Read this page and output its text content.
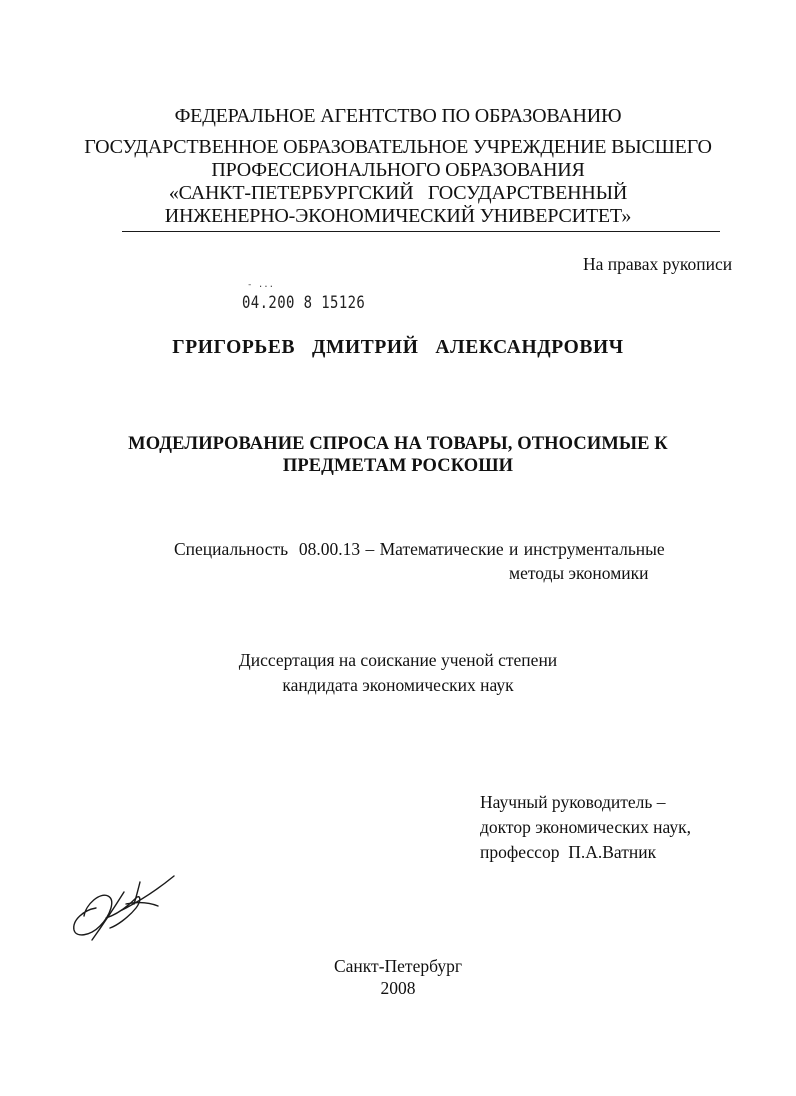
ФЕДЕРАЛЬНОЕ АГЕНТСТВО ПО ОБРАЗОВАНИЮ
ГОСУДАРСТВЕННОЕ ОБРАЗОВАТЕЛЬНОЕ УЧРЕЖДЕНИЕ ВЫСШЕГО
ПРОФЕССИОНАЛЬНОГО ОБРАЗОВАНИЯ
«САНКТ-ПЕТЕРБУРГСКИЙ   ГОСУДАРСТВЕННЫЙ
ИНЖЕНЕРНО-ЭКОНОМИЧЕСКИЙ УНИВЕРСИТЕТ»
На правах рукописи
- ...
04.200 8 15126
ГРИГОРЬЕВ  ДМИТРИЙ  АЛЕКСАНДРОВИЧ
МОДЕЛИРОВАНИЕ СПРОСА НА ТОВАРЫ, ОТНОСИМЫЕ К
ПРЕДМЕТАМ РОСКОШИ
Специальность  08.00.13 – Математические и инструментальные
методы экономики
Диссертация на соискание ученой степени
кандидата экономических наук
Научный руководитель –
доктор экономических наук,
профессор  П.А.Ватник
Санкт-Петербург
2008
